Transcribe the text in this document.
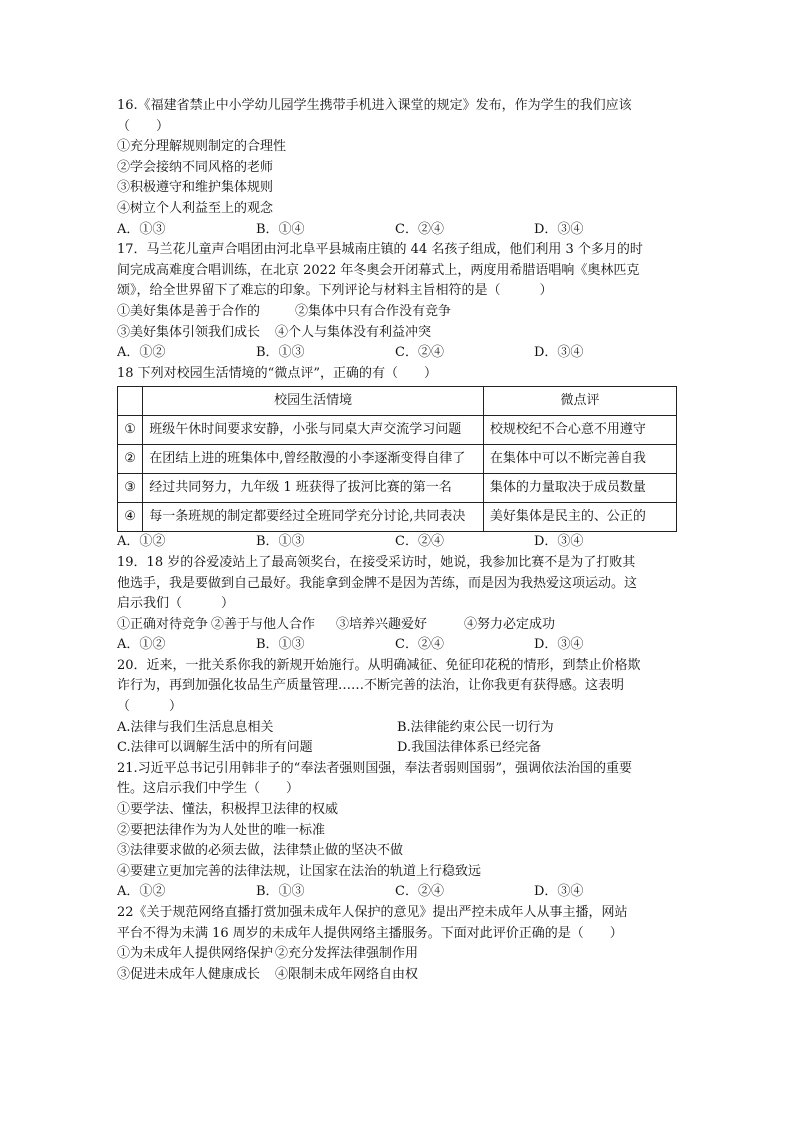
16.《福建省禁止中小学幼儿园学生携带手机进入课堂的规定》发布，作为学生的我们应该
（　　）
①充分理解规则制定的合理性
②学会接纳不同风格的老师
③积极遵守和维护集体规则
④树立个人利益至上的观念
A．①③	B．①④	C．②④	D．③④
17．马兰花儿童声合唱团由河北阜平县城南庄镇的 44 名孩子组成，他们利用 3 个多月的时
间完成高难度合唱训练，在北京 2022 年冬奥会开闭幕式上，两度用希腊语唱响《奥林匹克
颂》，给全世界留下了难忘的印象。下列评论与材料主旨相符的是（　　　）
①美好集体是善于合作的	②集体中只有合作没有竞争
③美好集体引领我们成长	④个人与集体没有利益冲突
A．①②	B．①③	C．②④	D．③④
18 下列对校园生活情境的“微点评”，正确的有（　　）
	校园生活情境	微点评
①	班级午休时间要求安静，小张与同桌大声交流学习问题	校规校纪不合心意不用遵守
②	在团结上进的班集体中,曾经散漫的小李逐渐变得自律了	在集体中可以不断完善自我
③	经过共同努力，九年级 1 班获得了拔河比赛的第一名	集体的力量取决于成员数量
④	每一条班规的制定都要经过全班同学充分讨论,共同表决	美好集体是民主的、公正的
A．①②	B．①③	C．②④	D．③④
19．18 岁的谷爱凌站上了最高领奖台，在接受采访时，她说，我参加比赛不是为了打败其
他选手，我是要做到自己最好。我能拿到金牌不是因为苦练，而是因为我热爱这项运动。这
启示我们（　　　）
①正确对待竞争 ②善于与他人合作	③培养兴趣爱好	④努力必定成功
A．①②	B．①③	C．②④	D．③④
20．近来，一批关系你我的新规开始施行。从明确减征、免征印花税的情形，到禁止价格欺
诈行为，再到加强化妆品生产质量管理……不断完善的法治，让你我更有获得感。这表明
（　　　）
A.法律与我们生活息息相关	B.法律能约束公民一切行为
C.法律可以调解生活中的所有问题	D.我国法律体系已经完备
21.习近平总书记引用韩非子的“奉法者强则国强，奉法者弱则国弱”，强调依法治国的重要
性。这启示我们中学生（　　）
①要学法、懂法，积极捍卫法律的权威
②要把法律作为为人处世的唯一标准
③法律要求做的必须去做，法律禁止做的坚决不做
④要建立更加完善的法律法规，让国家在法治的轨道上行稳致远
A．①②	B．①③	C．②④	D．③④
22《关于规范网络直播打赏加强未成年人保护的意见》提出严控未成年人从事主播，网站
平台不得为未满 16 周岁的未成年人提供网络主播服务。下面对此评价正确的是（　　）
①为未成年人提供网络保护 ②充分发挥法律强制作用
③促进未成年人健康成长	④限制未成年网络自由权
